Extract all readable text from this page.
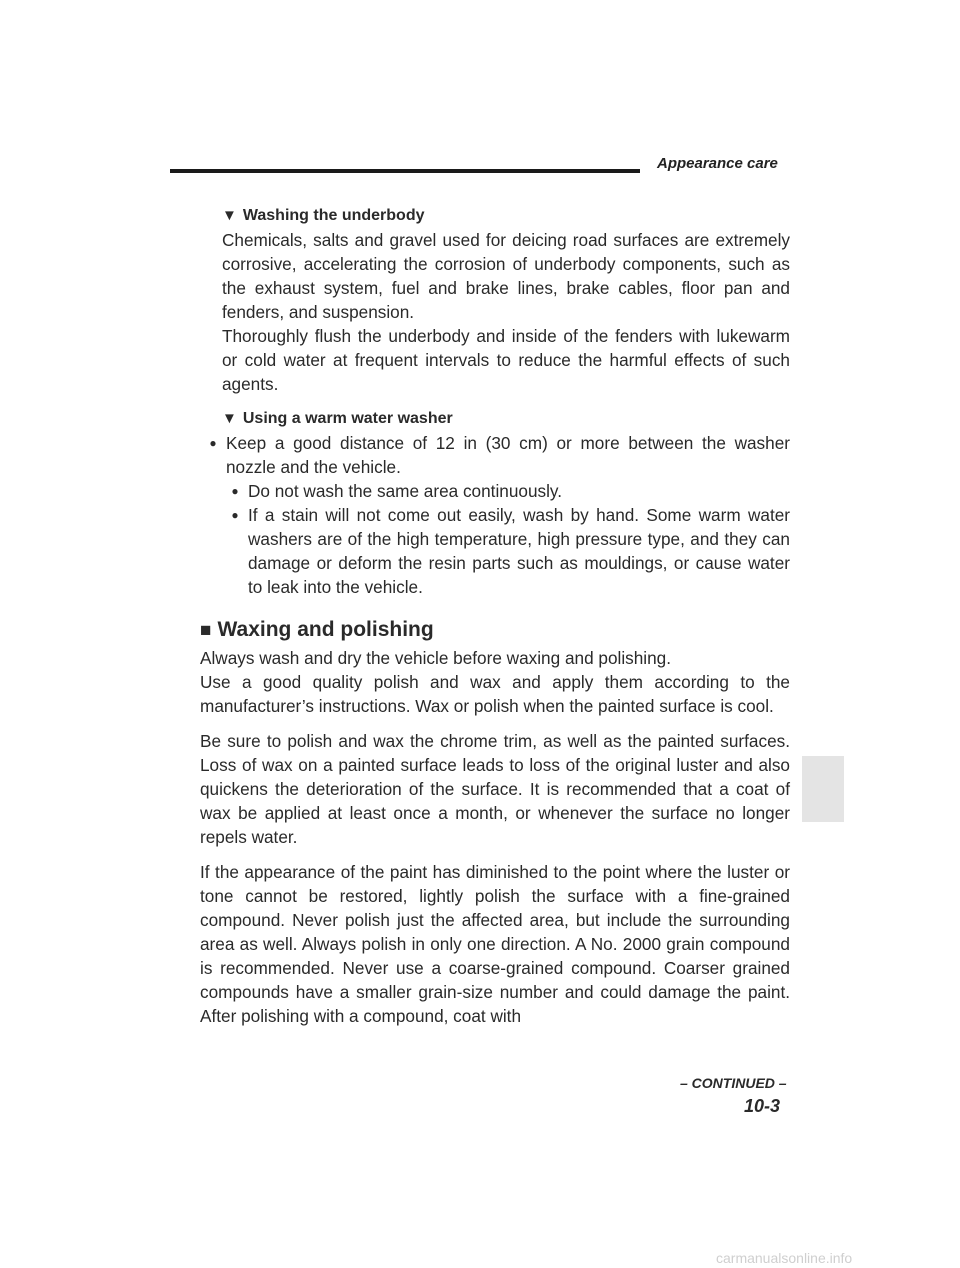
Appearance care
▼ Washing the underbody

Chemicals, salts and gravel used for deicing road surfaces are extremely corrosive, accelerating the corrosion of underbody components, such as the exhaust system, fuel and brake lines, brake cables, floor pan and fenders, and suspension.

Thoroughly flush the underbody and inside of the fenders with lukewarm or cold water at frequent intervals to reduce the harmful effects of such agents.

▼ Using a warm water washer
● Keep a good distance of 12 in (30 cm) or more between the washer nozzle and the vehicle.
● Do not wash the same area continuously.
● If a stain will not come out easily, wash by hand. Some warm water washers are of the high temperature, high pressure type, and they can damage or deform the resin parts such as mouldings, or cause water to leak into the vehicle.
■ Waxing and polishing

Always wash and dry the vehicle before waxing and polishing.

Use a good quality polish and wax and apply them according to the manufacturer’s instructions. Wax or polish when the painted surface is cool.

Be sure to polish and wax the chrome trim, as well as the painted surfaces. Loss of wax on a painted surface leads to loss of the original luster and also quickens the deterioration of the surface. It is recommended that a coat of wax be applied at least once a month, or whenever the surface no longer repels water.

If the appearance of the paint has diminished to the point where the luster or tone cannot be restored, lightly polish the surface with a fine-grained compound. Never polish just the affected area, but include the surrounding area as well. Always polish in only one direction. A No. 2000 grain compound is recommended. Never use a coarse-grained compound. Coarser grained compounds have a smaller grain-size number and could damage the paint. After polishing with a compound, coat with

– CONTINUED –
10-3
carmanualsonline.info
